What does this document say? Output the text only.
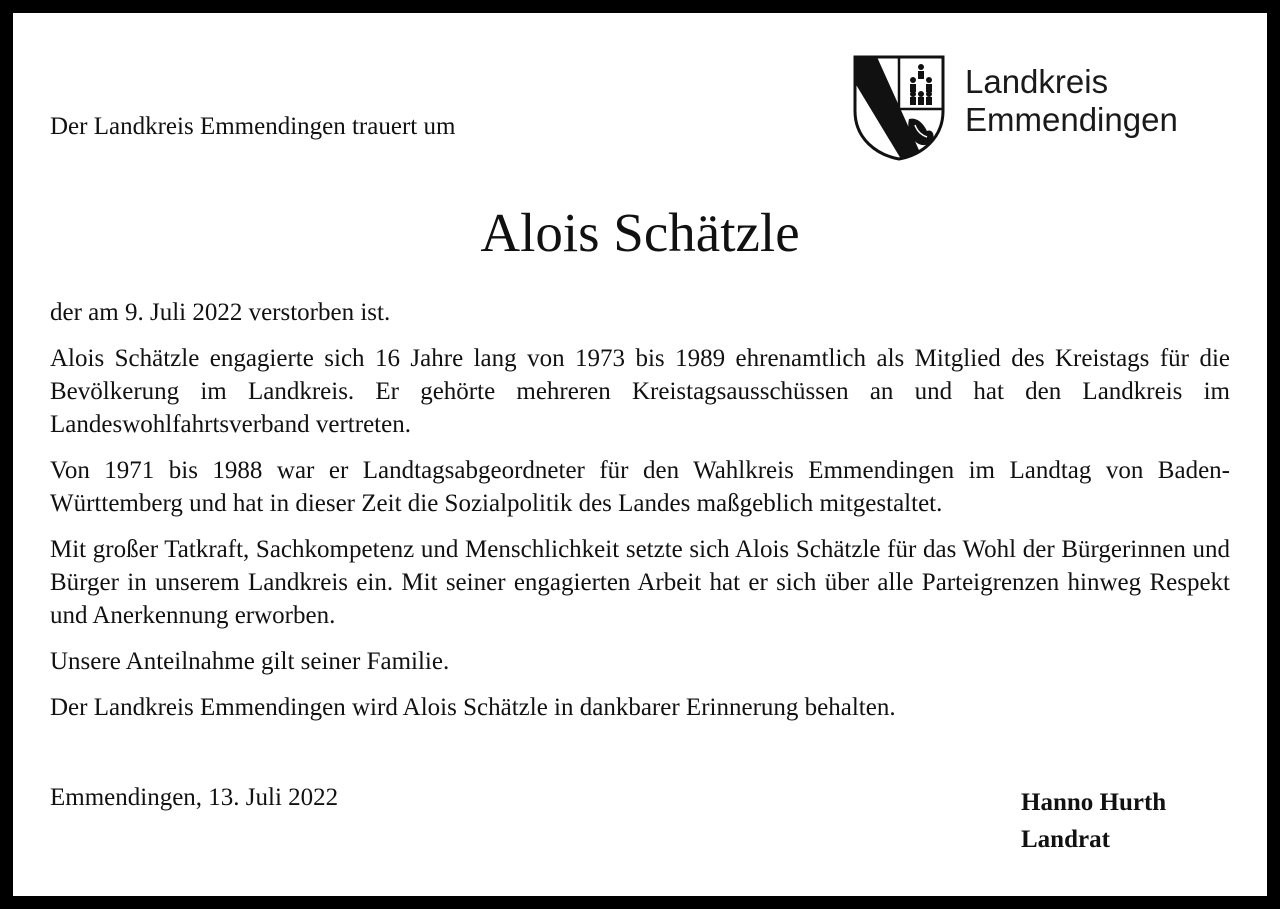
Der Landkreis Emmendingen trauert um

Landkreis
Emmendingen
Alois Schätzle

der am 9. Juli 2022 verstorben ist.

Alois Schätzle engagierte sich 16 Jahre lang von 1973 bis 1989 ehrenamtlich als Mitglied des Kreistags für die Bevölkerung im Landkreis. Er gehörte mehreren Kreistagsausschüssen an und hat den Landkreis im Landeswohlfahrtsverband vertreten.

Von 1971 bis 1988 war er Landtagsabgeordneter für den Wahlkreis Emmendingen im Landtag von Baden-Württemberg und hat in dieser Zeit die Sozialpolitik des Landes maßgeblich mitgestaltet.

Mit großer Tatkraft, Sachkompetenz und Menschlichkeit setzte sich Alois Schätzle für das Wohl der Bürgerinnen und Bürger in unserem Landkreis ein. Mit seiner engagierten Arbeit hat er sich über alle Parteigrenzen hinweg Respekt und Anerkennung erworben.

Unsere Anteilnahme gilt seiner Familie.

Der Landkreis Emmendingen wird Alois Schätzle in dankbarer Erinnerung behalten.

Emmendingen, 13. Juli 2022	Hanno Hurth
Landrat
